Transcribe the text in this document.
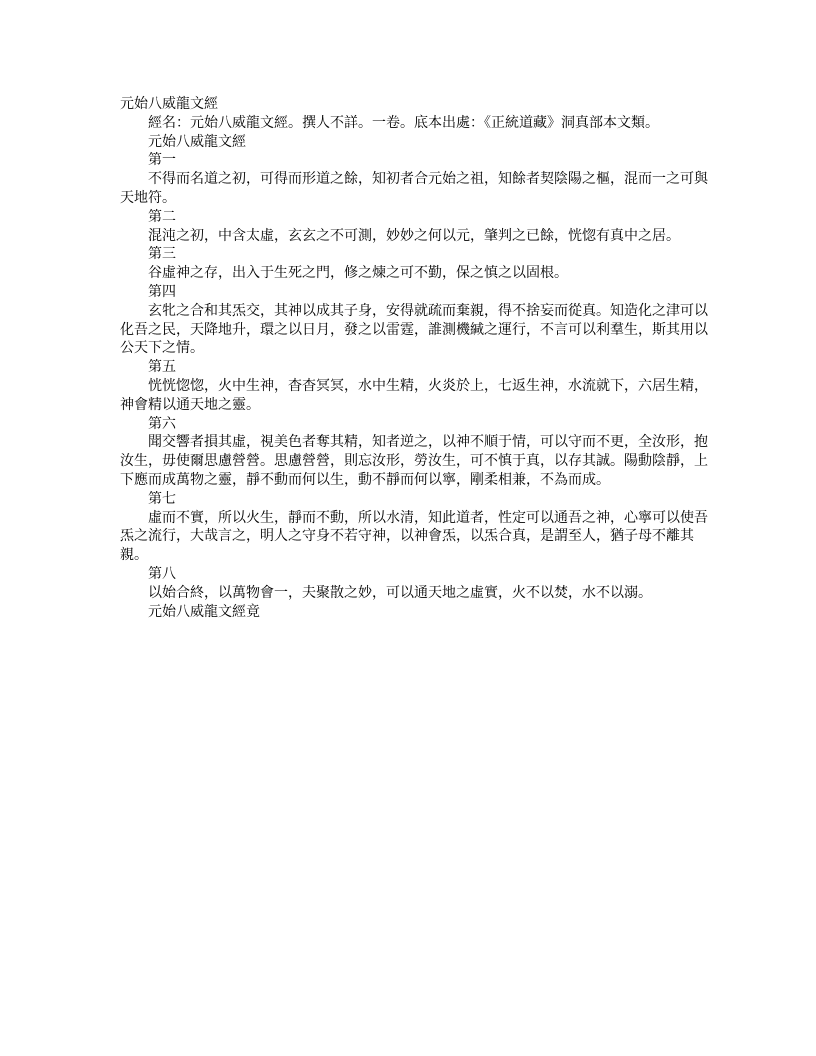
元始八威龍文經

經名：元始八威龍文經。撰人不詳。一卷。底本出處：《正統道藏》洞真部本文類。

元始八威龍文經

第一

不得而名道之初，可得而形道之餘，知初者合元始之祖，知餘者契陰陽之樞，混而一之可與天地符。

第二

混沌之初，中含太虛，玄玄之不可測，妙妙之何以元，肇判之已餘，恍惚有真中之居。

第三

谷虛神之存，出入于生死之門，修之煉之可不勤，保之慎之以固根。

第四

玄牝之合和其炁交，其神以成其子身，安得就疏而棄親，得不捨妄而從真。知造化之津可以化吾之民，天降地升，環之以日月，發之以雷霆，誰測機緘之運行，不言可以利羣生，斯其用以公天下之情。

第五

恍恍惚惚，火中生神，杳杳冥冥，水中生精，火炎於上，七返生神，水流就下，六居生精，神會精以通天地之靈。

第六

聞交響者損其虛，視美色者奪其精，知者逆之，以神不順于情，可以守而不更，全汝形，抱汝生，毋使爾思慮營營。思慮營營，則忘汝形，勞汝生，可不慎于真，以存其誠。陽動陰靜，上下應而成萬物之靈，靜不動而何以生，動不靜而何以寧，剛柔相兼，不為而成。

第七

虛而不實，所以火生，靜而不動，所以水清，知此道者，性定可以通吾之神，心寧可以使吾炁之流行，大哉言之，明人之守身不若守神，以神會炁，以炁合真，是謂至人，猶子母不離其親。

第八

以始合終，以萬物會一，夫聚散之妙，可以通天地之虛實，火不以焚，水不以溺。

元始八威龍文經竟
